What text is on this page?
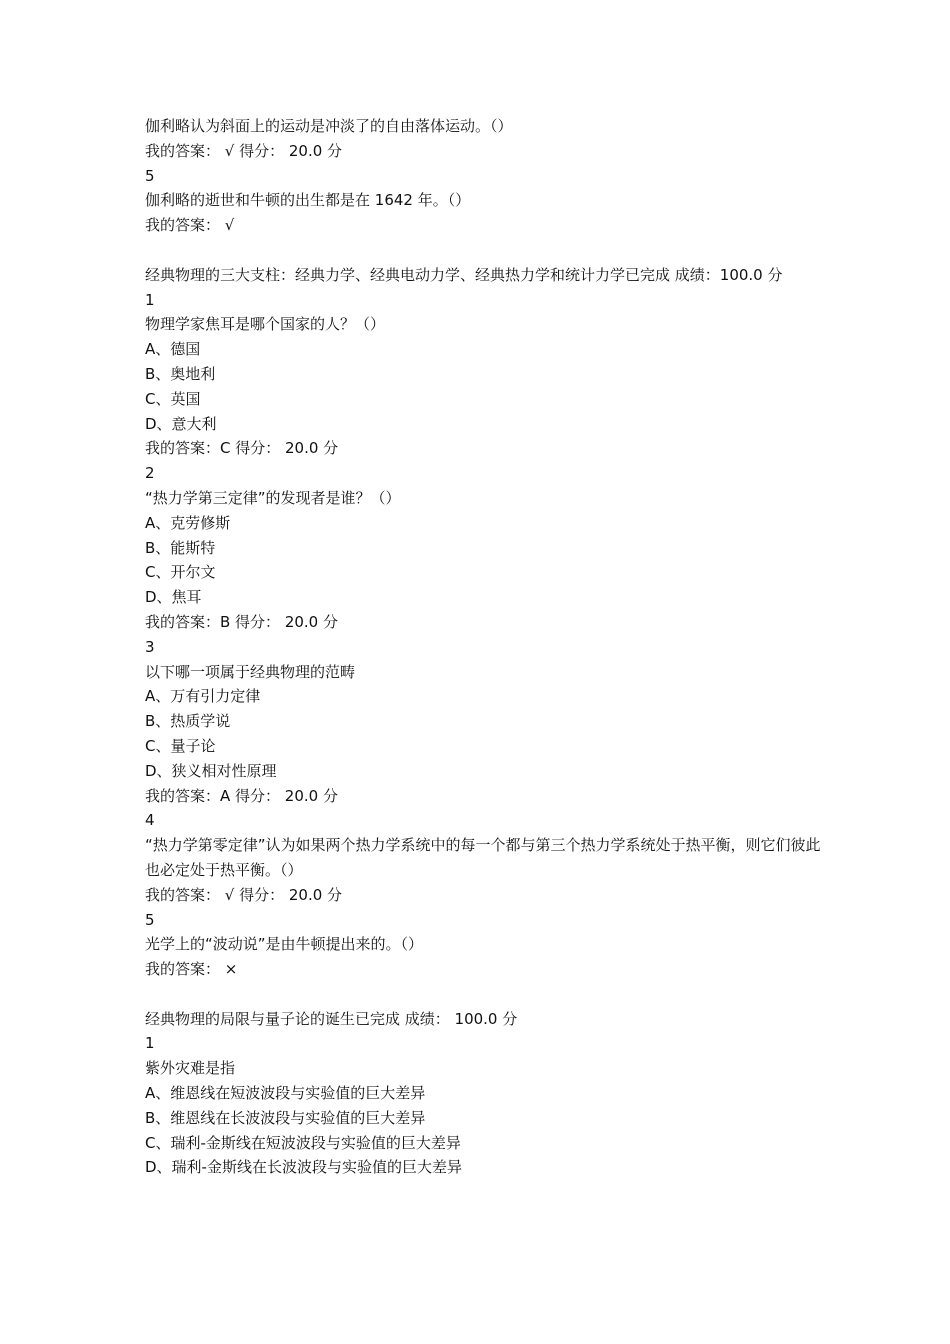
伽利略认为斜面上的运动是冲淡了的自由落体运动。（）
我的答案： √ 得分： 20.0 分
5
伽利略的逝世和牛顿的出生都是在 1642 年。（）
我的答案： √
经典物理的三大支柱：经典力学、经典电动力学、经典热力学和统计力学已完成 成绩：100.0 分
1
物理学家焦耳是哪个国家的人？（）
A、德国
B、奥地利
C、英国
D、意大利
我的答案：C 得分： 20.0 分
2
“热力学第三定律”的发现者是谁？（）
A、克劳修斯
B、能斯特
C、开尔文
D、焦耳
我的答案：B 得分： 20.0 分
3
以下哪一项属于经典物理的范畴
A、万有引力定律
B、热质学说
C、量子论
D、狭义相对性原理
我的答案：A 得分： 20.0 分
4
“热力学第零定律”认为如果两个热力学系统中的每一个都与第三个热力学系统处于热平衡，则它们彼此也必定处于热平衡。（）
我的答案： √ 得分： 20.0 分
5
光学上的“波动说”是由牛顿提出来的。（）
我的答案： ×
经典物理的局限与量子论的诞生已完成 成绩： 100.0 分
1
紫外灾难是指
A、维恩线在短波波段与实验值的巨大差异
B、维恩线在长波波段与实验值的巨大差异
C、瑞利-金斯线在短波波段与实验值的巨大差异
D、瑞利-金斯线在长波波段与实验值的巨大差异
